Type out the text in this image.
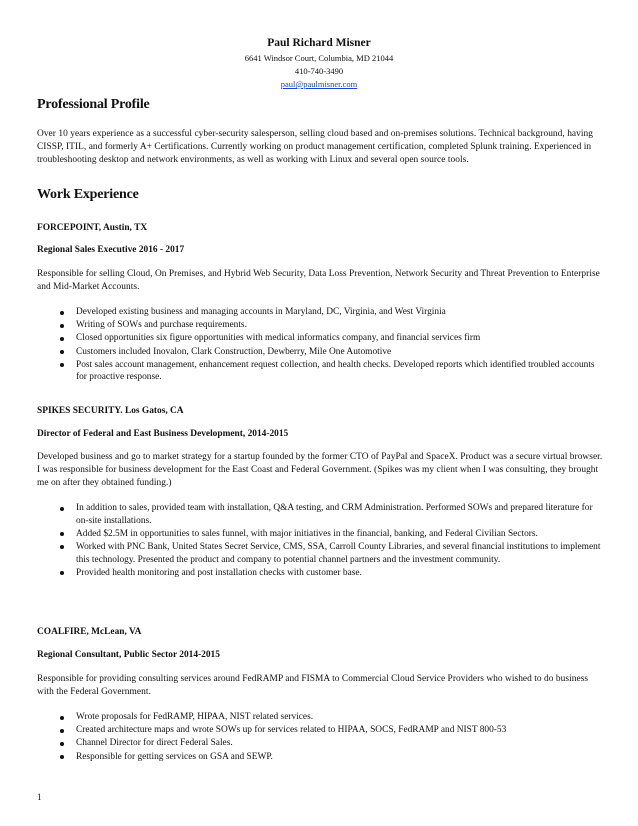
Paul Richard Misner
6641 Windsor Court, Columbia, MD 21044
410-740-3490
paul@paulmisner.com
Professional Profile
Over 10 years experience as a successful cyber-security salesperson, selling cloud based and on-premises solutions. Technical background, having CISSP, ITIL, and formerly A+ Certifications. Currently working on product management certification, completed Splunk training. Experienced in troubleshooting desktop and network environments, as well as working with Linux and several open source tools.
Work Experience
FORCEPOINT, Austin, TX
Regional Sales Executive 2016 - 2017
Responsible for selling Cloud, On Premises, and Hybrid Web Security, Data Loss Prevention, Network Security and Threat Prevention to Enterprise and Mid-Market Accounts.
Developed existing business and managing accounts in Maryland, DC, Virginia, and West Virginia
Writing of SOWs and purchase requirements.
Closed opportunities six figure opportunities with medical informatics company, and financial services firm
Customers included Inovalon, Clark Construction, Dewberry, Mile One Automotive
Post sales account management, enhancement request collection, and health checks. Developed reports which identified troubled accounts for proactive response.
SPIKES SECURITY. Los Gatos, CA
Director of Federal and East Business Development, 2014-2015
Developed business and go to market strategy for a startup founded by the former CTO of PayPal and SpaceX. Product was a secure virtual browser. I was responsible for business development for the East Coast and Federal Government. (Spikes was my client when I was consulting, they brought me on after they obtained funding.)
In addition to sales, provided team with installation, Q&A testing, and CRM Administration. Performed SOWs and prepared literature for on-site installations.
Added $2.5M in opportunities to sales funnel, with major initiatives in the financial, banking, and Federal Civilian Sectors.
Worked with PNC Bank, United States Secret Service, CMS, SSA, Carroll County Libraries, and several financial institutions to implement this technology. Presented the product and company to potential channel partners and the investment community.
Provided health monitoring and post installation checks with customer base.
COALFIRE, McLean, VA
Regional Consultant, Public Sector 2014-2015
Responsible for providing consulting services around FedRAMP and FISMA to Commercial Cloud Service Providers who wished to do business with the Federal Government.
Wrote proposals for FedRAMP, HIPAA, NIST related services.
Created architecture maps and wrote SOWs up for services related to HIPAA, SOCS, FedRAMP and NIST 800-53
Channel Director for direct Federal Sales.
Responsible for getting services on GSA and SEWP.
1
